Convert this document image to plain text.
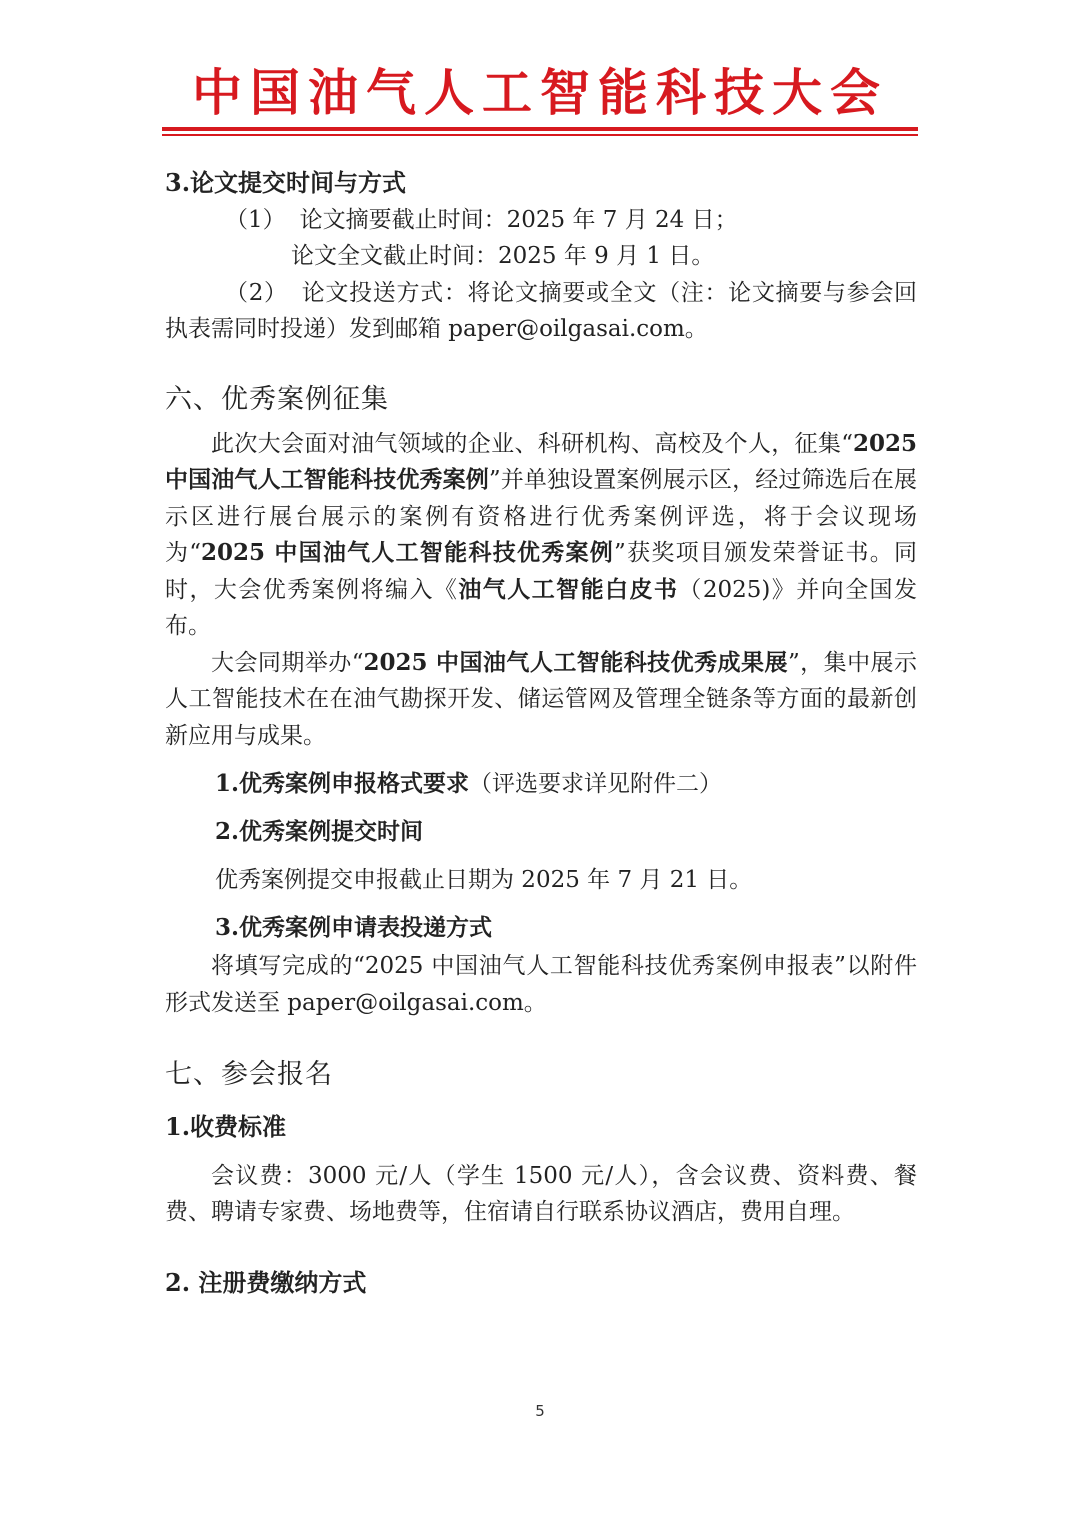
中国油气人工智能科技大会

3.论文提交时间与方式

（1） 论文摘要截止时间：2025 年 7 月 24 日；

论文全文截止时间：2025 年 9 月 1 日。

（2） 论文投送方式：将论文摘要或全文（注：论文摘要与参会回执表需同时投递）发到邮箱 paper@oilgasai.com。

六、优秀案例征集

此次大会面对油气领域的企业、科研机构、高校及个人，征集“2025 中国油气人工智能科技优秀案例”并单独设置案例展示区，经过筛选后在展示区进行展台展示的案例有资格进行优秀案例评选，将于会议现场为“2025 中国油气人工智能科技优秀案例”获奖项目颁发荣誉证书。同时，大会优秀案例将编入《油气人工智能白皮书（2025)》并向全国发布。

大会同期举办“2025 中国油气人工智能科技优秀成果展”，集中展示人工智能技术在在油气勘探开发、储运管网及管理全链条等方面的最新创新应用与成果。

1.优秀案例申报格式要求（评选要求详见附件二）

2.优秀案例提交时间

优秀案例提交申报截止日期为 2025 年 7 月 21 日。

3.优秀案例申请表投递方式

将填写完成的“2025 中国油气人工智能科技优秀案例申报表”以附件形式发送至 paper@oilgasai.com。

七、参会报名

1.收费标准

会议费：3000 元/人（学生 1500 元/人），含会议费、资料费、餐费、聘请专家费、场地费等，住宿请自行联系协议酒店，费用自理。

2. 注册费缴纳方式

5
